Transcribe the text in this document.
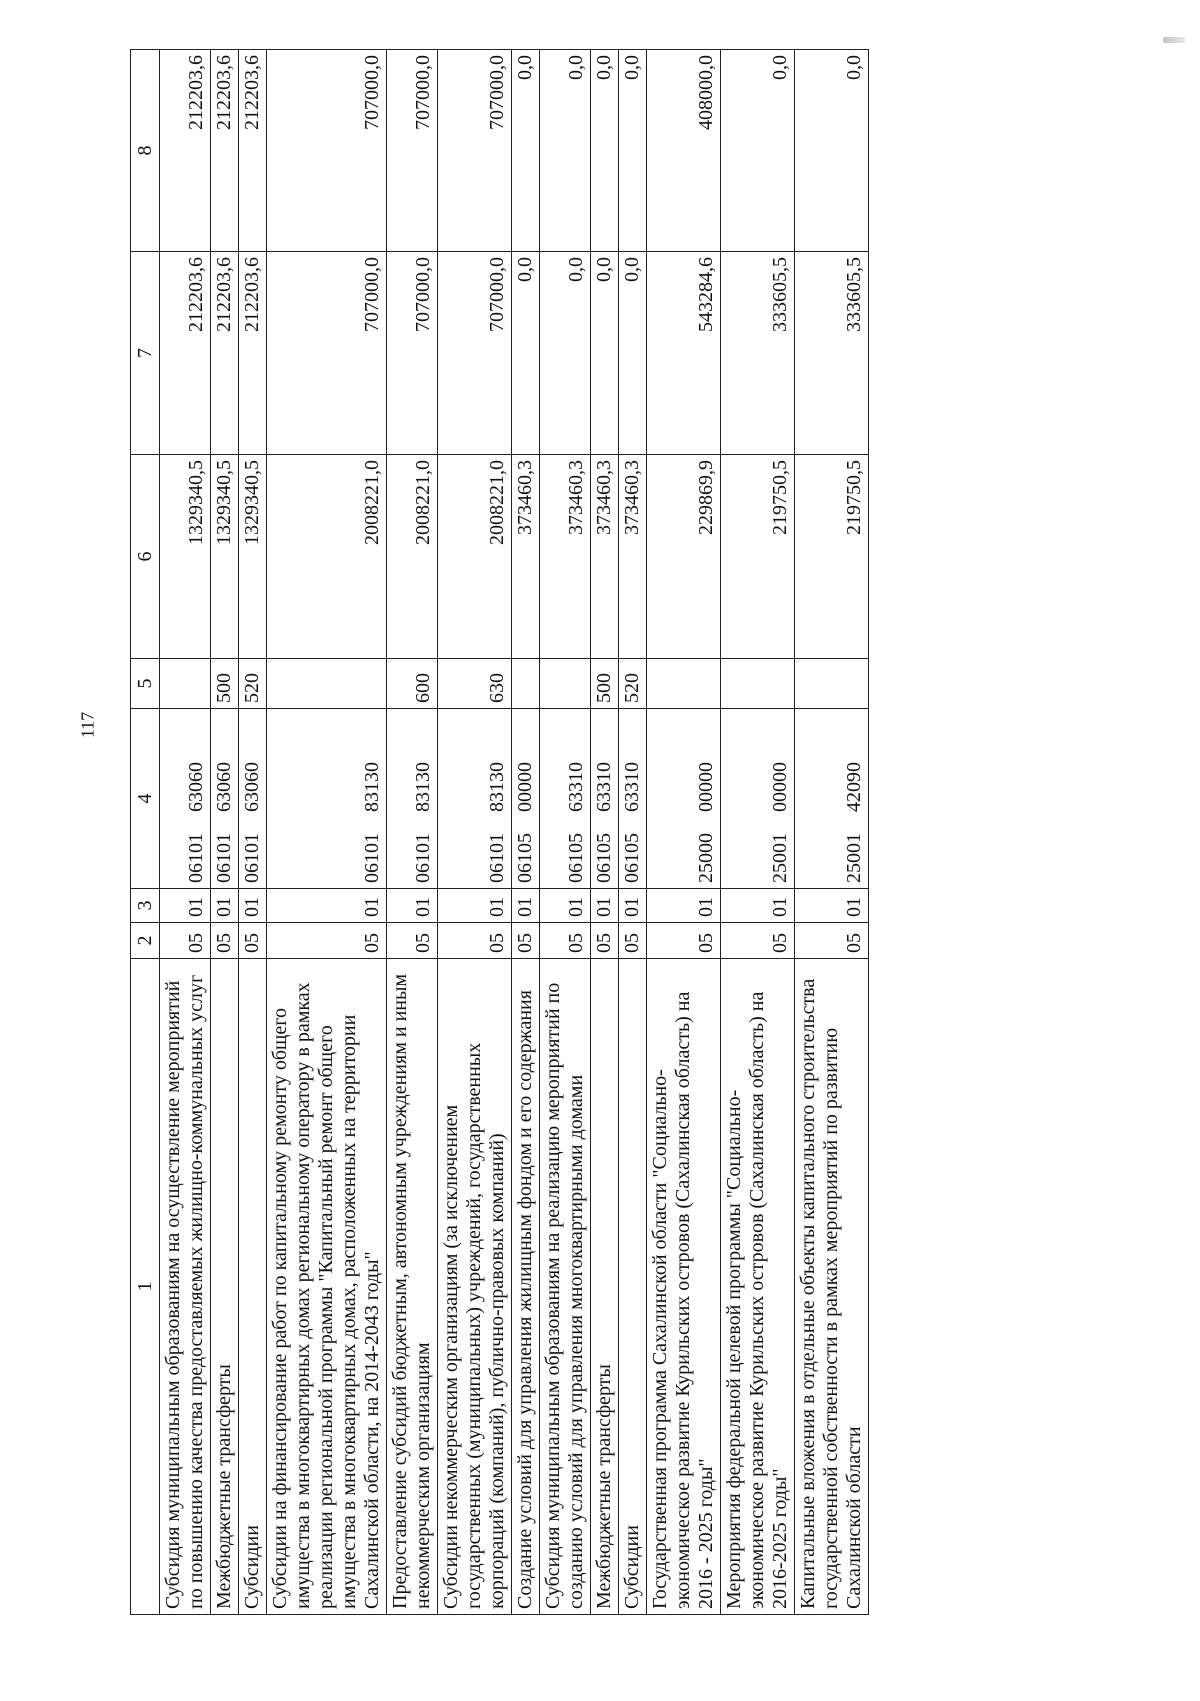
117
1	2	3	4	5	6	7	8
Субсидия муниципальным образованиям на осуществление мероприятий по повышению качества предоставляемых жилищно-коммунальных услуг	05	01	06101 63060		1329340,5	212203,6	212203,6
Межбюджетные трансферты	05	01	06101 63060	500	1329340,5	212203,6	212203,6
Субсидии	05	01	06101 63060	520	1329340,5	212203,6	212203,6
Субсидии на финансирование работ по капитальному ремонту общего имущества в многоквартирных домах региональному оператору в рамках реализации региональной программы "Капитальный ремонт общего имущества в многоквартирных домах, расположенных на территории Сахалинской области, на 2014-2043 годы"	05	01	06101 83130		2008221,0	707000,0	707000,0
Предоставление субсидий бюджетным, автономным учреждениям и иным некоммерческим организациям	05	01	06101 83130	600	2008221,0	707000,0	707000,0
Субсидии некоммерческим организациям (за исключением государственных (муниципальных) учреждений, государственных корпораций (компаний), публично-правовых компаний)	05	01	06101 83130	630	2008221,0	707000,0	707000,0
Создание условий для управления жилищным фондом и его содержания	05	01	06105 00000		373460,3	0,0	0,0
Субсидия муниципальным образованиям на реализацию мероприятий по созданию условий для управления многоквартирными домами	05	01	06105 63310		373460,3	0,0	0,0
Межбюджетные трансферты	05	01	06105 63310	500	373460,3	0,0	0,0
Субсидии	05	01	06105 63310	520	373460,3	0,0	0,0
Государственная программа Сахалинской области "Социально-экономическое развитие Курильских островов (Сахалинская область) на 2016 - 2025 годы"	05	01	25000 00000		229869,9	543284,6	408000,0
Мероприятия федеральной целевой программы "Социально-экономическое развитие Курильских островов (Сахалинская область) на 2016-2025 годы"	05	01	25001 00000		219750,5	333605,5	0,0
Капитальные вложения в отдельные объекты капитального строительства государственной собственности в рамках мероприятий по развитию Сахалинской области	05	01	25001 42090		219750,5	333605,5	0,0
